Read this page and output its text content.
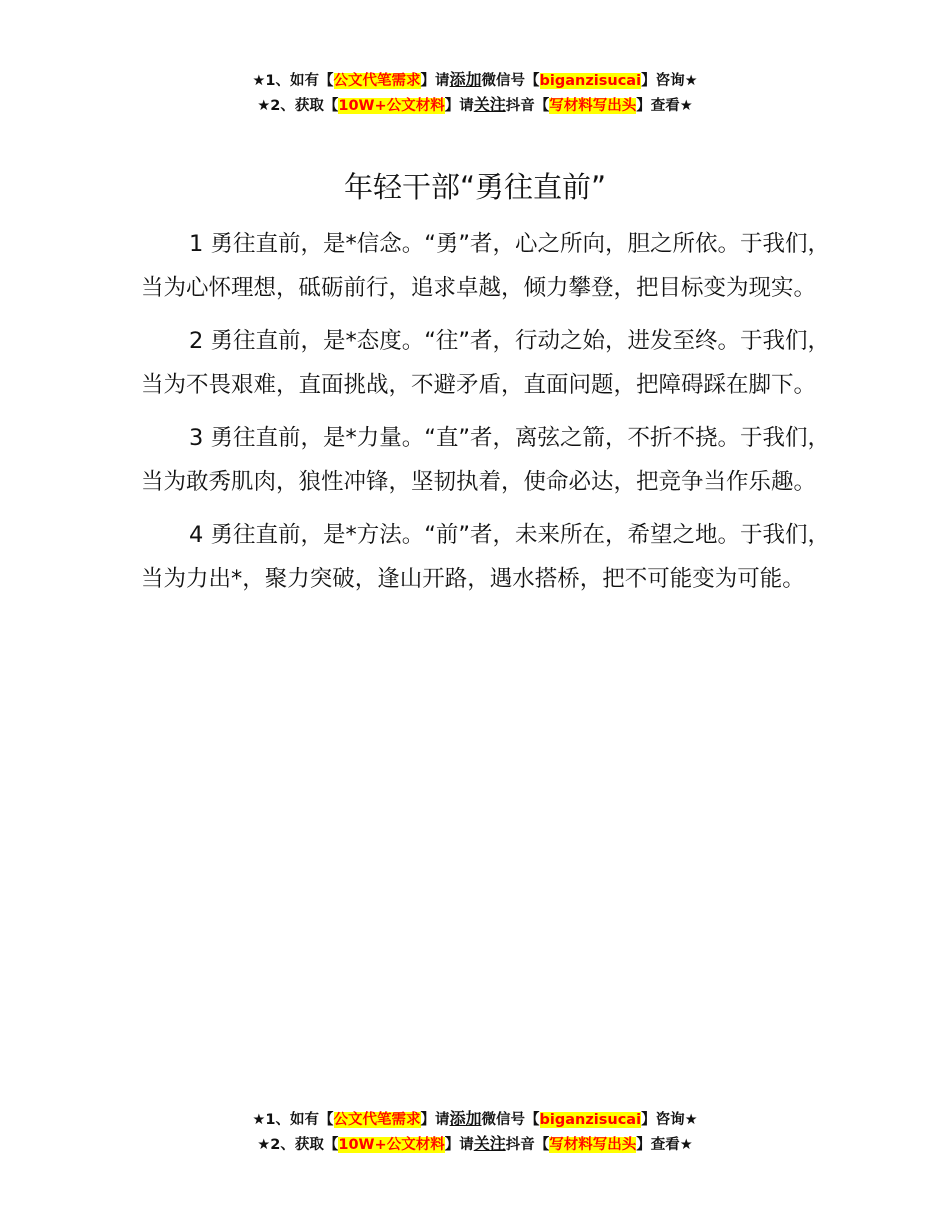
★1、如有【公文代笔需求】请添加微信号【biganzisucai】咨询★
★2、获取【10W+公文材料】请关注抖音【写材料写出头】查看★
年轻干部“勇往直前”

1 勇往直前，是*信念。“勇”者，心之所向，胆之所依。于我们，当为心怀理想，砥砺前行，追求卓越，倾力攀登，把目标变为现实。

2 勇往直前，是*态度。“往”者，行动之始，进发至终。于我们，当为不畏艰难，直面挑战，不避矛盾，直面问题，把障碍踩在脚下。

3 勇往直前，是*力量。“直”者，离弦之箭，不折不挠。于我们，当为敢秀肌肉，狼性冲锋，坚韧执着，使命必达，把竞争当作乐趣。

4 勇往直前，是*方法。“前”者，未来所在，希望之地。于我们，当为力出*，聚力突破，逢山开路，遇水搭桥，把不可能变为可能。

★1、如有【公文代笔需求】请添加微信号【biganzisucai】咨询★
★2、获取【10W+公文材料】请关注抖音【写材料写出头】查看★
